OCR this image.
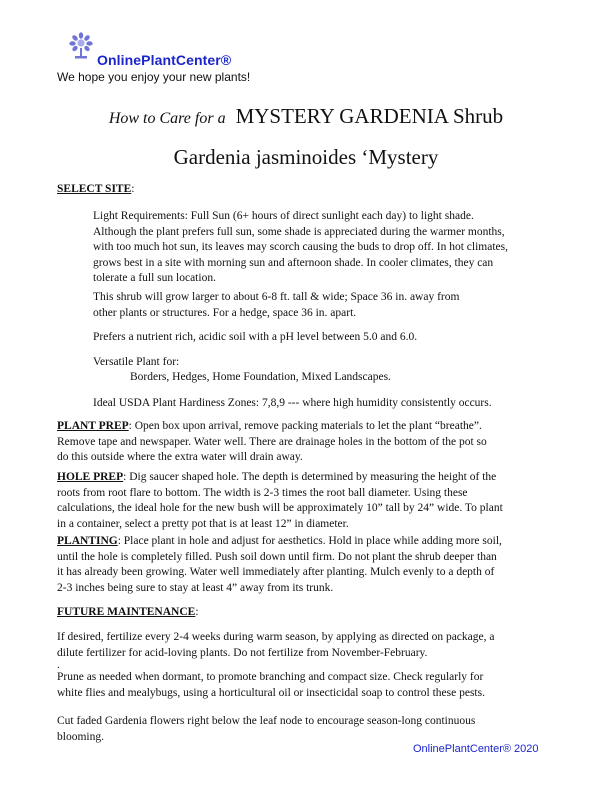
OnlinePlantCenter®
We hope you enjoy your new plants!
How to Care for a MYSTERY GARDENIA Shrub
Gardenia jasminoides ‘Mystery
SELECT SITE:
Light Requirements: Full Sun (6+ hours of direct sunlight each day) to light shade.
Although the plant prefers full sun, some shade is appreciated during the warmer months,
with too much hot sun, its leaves may scorch causing the buds to drop off. In hot climates,
grows best in a site with morning sun and afternoon shade. In cooler climates, they can
tolerate a full sun location.
This shrub will grow larger to about 6-8 ft. tall & wide; Space 36 in. away from
other plants or structures. For a hedge, space 36 in. apart.
Prefers a nutrient rich, acidic soil with a pH level between 5.0 and 6.0.
Versatile Plant for:
Borders, Hedges, Home Foundation, Mixed Landscapes.
Ideal USDA Plant Hardiness Zones: 7,8,9 --- where high humidity consistently occurs.
PLANT PREP: Open box upon arrival, remove packing materials to let the plant “breathe”.
Remove tape and newspaper. Water well. There are drainage holes in the bottom of the pot so
do this outside where the extra water will drain away.
HOLE PREP: Dig saucer shaped hole. The depth is determined by measuring the height of the
roots from root flare to bottom. The width is 2-3 times the root ball diameter. Using these
calculations, the ideal hole for the new bush will be approximately 10” tall by 24” wide. To plant
in a container, select a pretty pot that is at least 12” in diameter.
PLANTING: Place plant in hole and adjust for aesthetics. Hold in place while adding more soil,
until the hole is completely filled. Push soil down until firm. Do not plant the shrub deeper than
it has already been growing. Water well immediately after planting. Mulch evenly to a depth of
2-3 inches being sure to stay at least 4” away from its trunk.
FUTURE MAINTENANCE:
If desired, fertilize every 2-4 weeks during warm season, by applying as directed on package, a
dilute fertilizer for acid-loving plants. Do not fertilize from November-February.
.
Prune as needed when dormant, to promote branching and compact size. Check regularly for
white flies and mealybugs, using a horticultural oil or insecticidal soap to control these pests.
Cut faded Gardenia flowers right below the leaf node to encourage season-long continuous
blooming.
OnlinePlantCenter® 2020
